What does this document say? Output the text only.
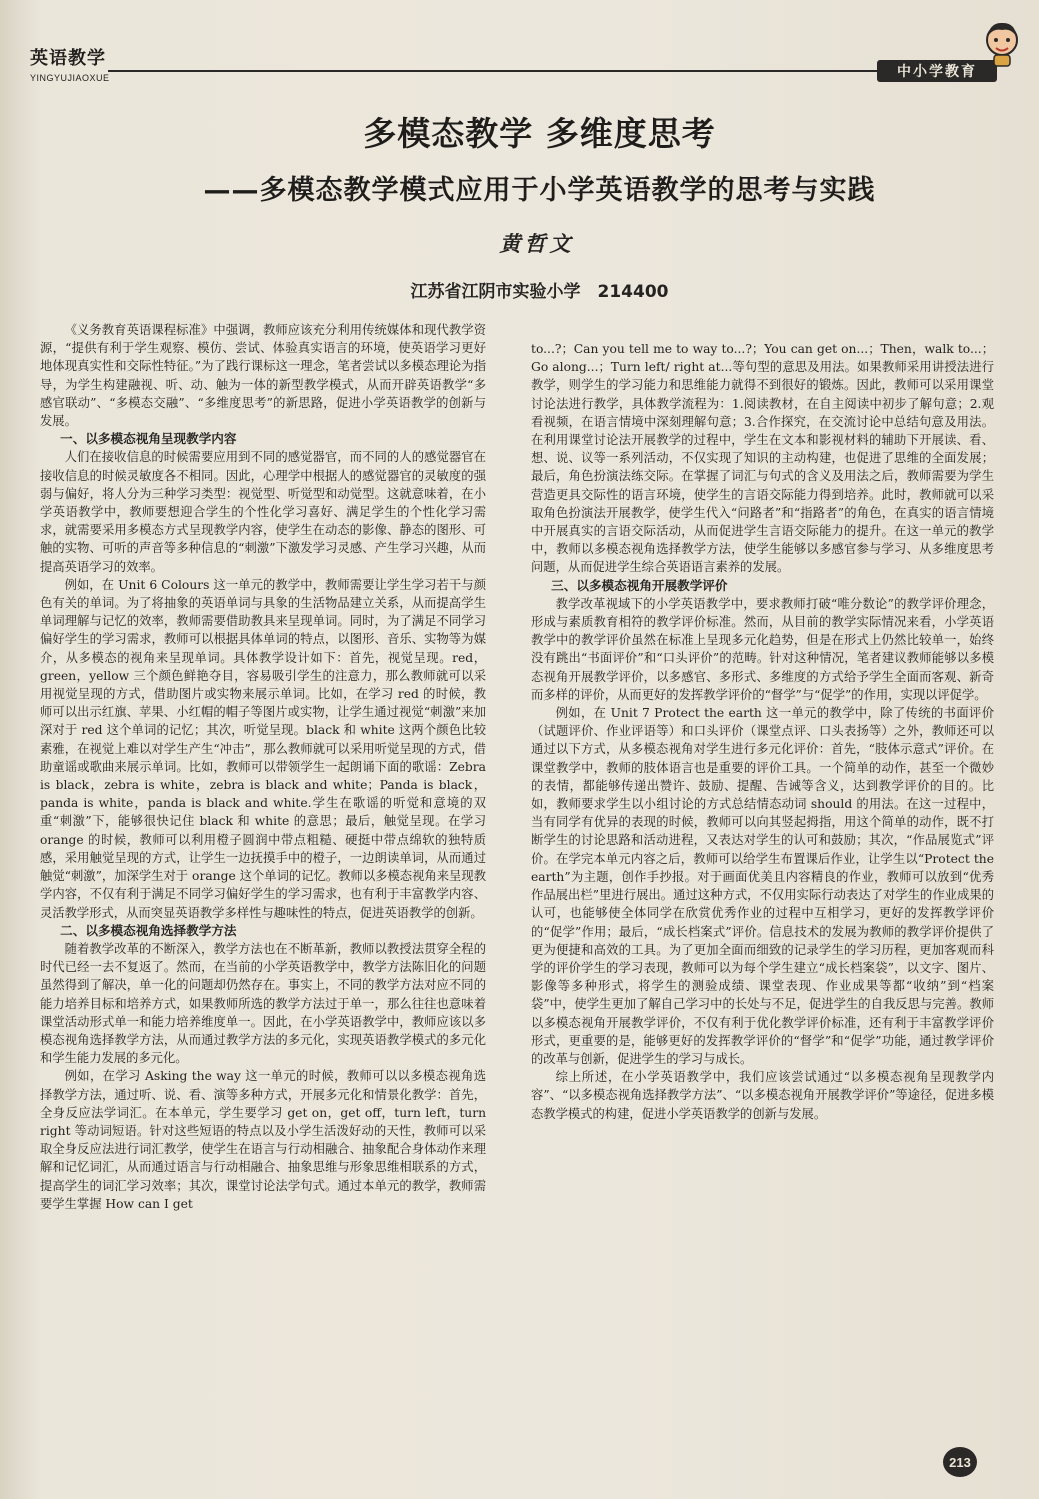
英语教学
YINGYUJIAOXUE	中小学教育
多模态教学 多维度思考
——多模态教学模式应用于小学英语教学的思考与实践
黄哲文
江苏省江阴市实验小学　214400

《义务教育英语课程标准》中强调，教师应该充分利用传统媒体和现代教学资源，“提供有利于学生观察、模仿、尝试、体验真实语言的环境，使英语学习更好地体现真实性和交际性特征。”为了践行课标这一理念，笔者尝试以多模态理论为指导，为学生构建融视、听、动、触为一体的新型教学模式，从而开辟英语教学“多感官联动”、“多模态交融”、“多维度思考”的新思路，促进小学英语教学的创新与发展。

一、以多模态视角呈现教学内容

人们在接收信息的时候需要应用到不同的感觉器官，而不同的人的感觉器官在接收信息的时候灵敏度各不相同。因此，心理学中根据人的感觉器官的灵敏度的强弱与偏好，将人分为三种学习类型：视觉型、听觉型和动觉型。这就意味着，在小学英语教学中，教师要想迎合学生的个性化学习喜好、满足学生的个性化学习需求，就需要采用多模态方式呈现教学内容，使学生在动态的影像、静态的图形、可触的实物、可听的声音等多种信息的“刺激”下激发学习灵感、产生学习兴趣，从而提高英语学习的效率。

例如，在 Unit 6 Colours 这一单元的教学中，教师需要让学生学习若干与颜色有关的单词。为了将抽象的英语单词与具象的生活物品建立关系，从而提高学生单词理解与记忆的效率，教师需要借助教具来呈现单词。同时，为了满足不同学习偏好学生的学习需求，教师可以根据具体单词的特点，以图形、音乐、实物等为媒介，从多模态的视角来呈现单词。具体教学设计如下：首先，视觉呈现。red，green，yellow 三个颜色鲜艳夺目，容易吸引学生的注意力，那么教师就可以采用视觉呈现的方式，借助图片或实物来展示单词。比如，在学习 red 的时候，教师可以出示红旗、苹果、小红帽的帽子等图片或实物，让学生通过视觉“刺激”来加深对于 red 这个单词的记忆；其次，听觉呈现。black 和 white 这两个颜色比较素雅，在视觉上难以对学生产生“冲击”，那么教师就可以采用听觉呈现的方式，借助童谣或歌曲来展示单词。比如，教师可以带领学生一起朗诵下面的歌谣：Zebra is black，zebra is white，zebra is black and white；Panda is black，panda is white，panda is black and white.学生在歌谣的听觉和意境的双重“刺激”下，能够很快记住 black 和 white 的意思；最后，触觉呈现。在学习 orange 的时候，教师可以利用橙子圆润中带点粗糙、硬挺中带点绵软的独特质感，采用触觉呈现的方式，让学生一边抚摸手中的橙子，一边朗读单词，从而通过触觉“刺激”，加深学生对于 orange 这个单词的记忆。教师以多模态视角来呈现教学内容，不仅有利于满足不同学习偏好学生的学习需求，也有利于丰富教学内容、灵活教学形式，从而突显英语教学多样性与趣味性的特点，促进英语教学的创新。

二、以多模态视角选择教学方法

随着教学改革的不断深入，教学方法也在不断革新，教师以教授法贯穿全程的时代已经一去不复返了。然而，在当前的小学英语教学中，教学方法陈旧化的问题虽然得到了解决，单一化的问题却仍然存在。事实上，不同的教学方法对应不同的能力培养目标和培养方式，如果教师所选的教学方法过于单一，那么往往也意味着课堂活动形式单一和能力培养维度单一。因此，在小学英语教学中，教师应该以多模态视角选择教学方法，从而通过教学方法的多元化，实现英语教学模式的多元化和学生能力发展的多元化。

例如，在学习 Asking the way 这一单元的时候，教师可以以多模态视角选择教学方法，通过听、说、看、演等多种方式，开展多元化和情景化教学：首先，全身反应法学词汇。在本单元，学生要学习 get on，get off，turn left，turn right 等动词短语。针对这些短语的特点以及小学生活泼好动的天性，教师可以采取全身反应法进行词汇教学，使学生在语言与行动相融合、抽象配合身体动作来理解和记忆词汇，从而通过语言与行动相融合、抽象思维与形象思维相联系的方式，提高学生的词汇学习效率；其次，课堂讨论法学句式。通过本单元的教学，教师需要学生掌握 How can I get

to...?；Can you tell me to way to...?；You can get on...；Then，walk to...；Go along...；Turn left/ right at...等句型的意思及用法。如果教师采用讲授法进行教学，则学生的学习能力和思维能力就得不到很好的锻炼。因此，教师可以采用课堂讨论法进行教学，具体教学流程为：1.阅读教材，在自主阅读中初步了解句意；2.观看视频，在语言情境中深刻理解句意；3.合作探究，在交流讨论中总结句意及用法。在利用课堂讨论法开展教学的过程中，学生在文本和影视材料的辅助下开展读、看、想、说、议等一系列活动，不仅实现了知识的主动构建，也促进了思维的全面发展；最后，角色扮演法练交际。在掌握了词汇与句式的含义及用法之后，教师需要为学生营造更具交际性的语言环境，使学生的言语交际能力得到培养。此时，教师就可以采取角色扮演法开展教学，使学生代入“问路者”和“指路者”的角色，在真实的语言情境中开展真实的言语交际活动，从而促进学生言语交际能力的提升。在这一单元的教学中，教师以多模态视角选择教学方法，使学生能够以多感官参与学习、从多维度思考问题，从而促进学生综合英语语言素养的发展。

三、以多模态视角开展教学评价

教学改革视域下的小学英语教学中，要求教师打破“唯分数论”的教学评价理念，形成与素质教育相符的教学评价标准。然而，从目前的教学实际情况来看，小学英语教学中的教学评价虽然在标准上呈现多元化趋势，但是在形式上仍然比较单一，始终没有跳出“书面评价”和“口头评价”的范畴。针对这种情况，笔者建议教师能够以多模态视角开展教学评价，以多感官、多形式、多维度的方式给予学生全面而客观、新奇而多样的评价，从而更好的发挥教学评价的“督学”与“促学”的作用，实现以评促学。

例如，在 Unit 7 Protect the earth 这一单元的教学中，除了传统的书面评价（试题评价、作业评语等）和口头评价（课堂点评、口头表扬等）之外，教师还可以通过以下方式，从多模态视角对学生进行多元化评价：首先，“肢体示意式”评价。在课堂教学中，教师的肢体语言也是重要的评价工具。一个简单的动作，甚至一个微妙的表情，都能够传递出赞许、鼓励、提醒、告诫等含义，达到教学评价的目的。比如，教师要求学生以小组讨论的方式总结情态动词 should 的用法。在这一过程中，当有同学有优异的表现的时候，教师可以向其竖起拇指，用这个简单的动作，既不打断学生的讨论思路和活动进程，又表达对学生的认可和鼓励；其次，“作品展览式”评价。在学完本单元内容之后，教师可以给学生布置课后作业，让学生以“Protect the earth”为主题，创作手抄报。对于画面优美且内容精良的作业，教师可以放到“优秀作品展出栏”里进行展出。通过这种方式，不仅用实际行动表达了对学生的作业成果的认可，也能够使全体同学在欣赏优秀作业的过程中互相学习，更好的发挥教学评价的“促学”作用；最后，“成长档案式”评价。信息技术的发展为教师的教学评价提供了更为便捷和高效的工具。为了更加全面而细致的记录学生的学习历程，更加客观而科学的评价学生的学习表现，教师可以为每个学生建立“成长档案袋”，以文字、图片、影像等多种形式，将学生的测验成绩、课堂表现、作业成果等都“收纳”到“档案袋”中，使学生更加了解自己学习中的长处与不足，促进学生的自我反思与完善。教师以多模态视角开展教学评价，不仅有利于优化教学评价标准，还有利于丰富教学评价形式，更重要的是，能够更好的发挥教学评价的“督学”和“促学”功能，通过教学评价的改革与创新，促进学生的学习与成长。

综上所述，在小学英语教学中，我们应该尝试通过“以多模态视角呈现教学内容”、“以多模态视角选择教学方法”、“以多模态视角开展教学评价”等途径，促进多模态教学模式的构建，促进小学英语教学的创新与发展。

213
